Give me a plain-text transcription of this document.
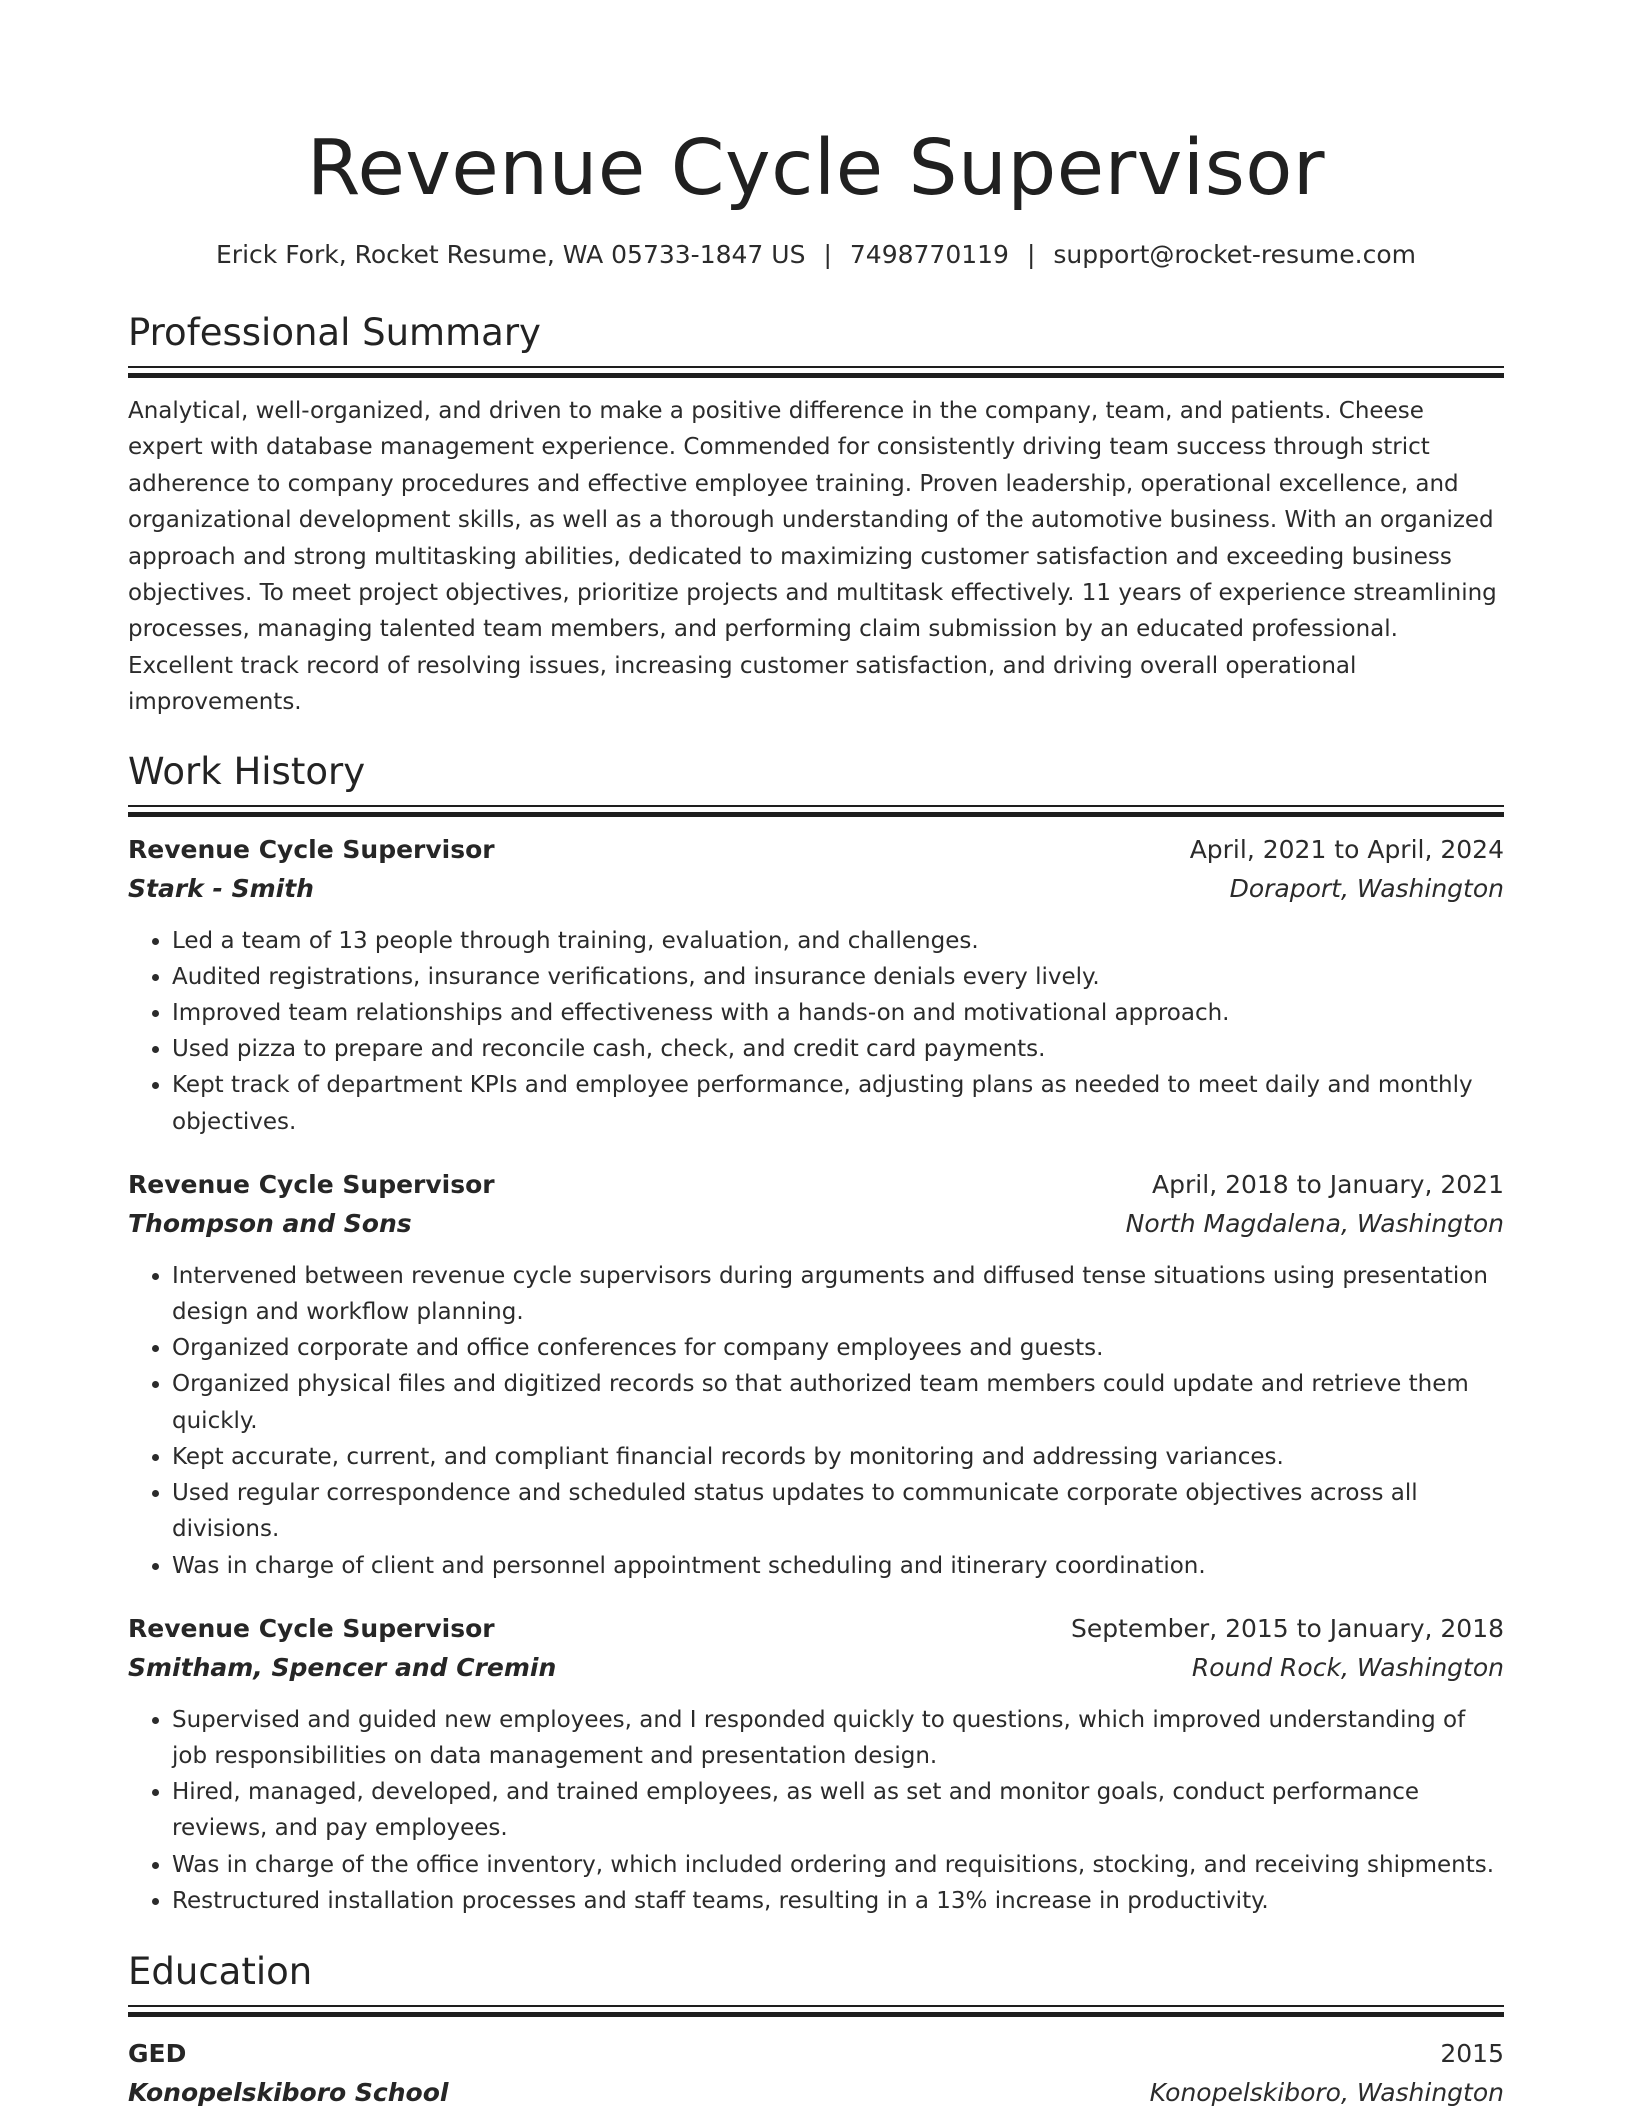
Revenue Cycle Supervisor
Erick Fork, Rocket Resume, WA 05733-1847 US | 7498770119 | support@rocket-resume.com
Professional Summary
Analytical, well-organized, and driven to make a positive difference in the company, team, and patients. Cheese expert with database management experience. Commended for consistently driving team success through strict adherence to company procedures and effective employee training. Proven leadership, operational excellence, and organizational development skills, as well as a thorough understanding of the automotive business. With an organized approach and strong multitasking abilities, dedicated to maximizing customer satisfaction and exceeding business objectives. To meet project objectives, prioritize projects and multitask effectively. 11 years of experience streamlining processes, managing talented team members, and performing claim submission by an educated professional. Excellent track record of resolving issues, increasing customer satisfaction, and driving overall operational improvements.
Work History
Revenue Cycle Supervisor	April, 2021 to April, 2024
Stark - Smith	Doraport, Washington
• Led a team of 13 people through training, evaluation, and challenges.
• Audited registrations, insurance verifications, and insurance denials every lively.
• Improved team relationships and effectiveness with a hands-on and motivational approach.
• Used pizza to prepare and reconcile cash, check, and credit card payments.
• Kept track of department KPIs and employee performance, adjusting plans as needed to meet daily and monthly objectives.
Revenue Cycle Supervisor	April, 2018 to January, 2021
Thompson and Sons	North Magdalena, Washington
• Intervened between revenue cycle supervisors during arguments and diffused tense situations using presentation design and workflow planning.
• Organized corporate and office conferences for company employees and guests.
• Organized physical files and digitized records so that authorized team members could update and retrieve them quickly.
• Kept accurate, current, and compliant financial records by monitoring and addressing variances.
• Used regular correspondence and scheduled status updates to communicate corporate objectives across all divisions.
• Was in charge of client and personnel appointment scheduling and itinerary coordination.
Revenue Cycle Supervisor	September, 2015 to January, 2018
Smitham, Spencer and Cremin	Round Rock, Washington
• Supervised and guided new employees, and I responded quickly to questions, which improved understanding of job responsibilities on data management and presentation design.
• Hired, managed, developed, and trained employees, as well as set and monitor goals, conduct performance reviews, and pay employees.
• Was in charge of the office inventory, which included ordering and requisitions, stocking, and receiving shipments.
• Restructured installation processes and staff teams, resulting in a 13% increase in productivity.
Education
GED	2015
Konopelskiboro School	Konopelskiboro, Washington
